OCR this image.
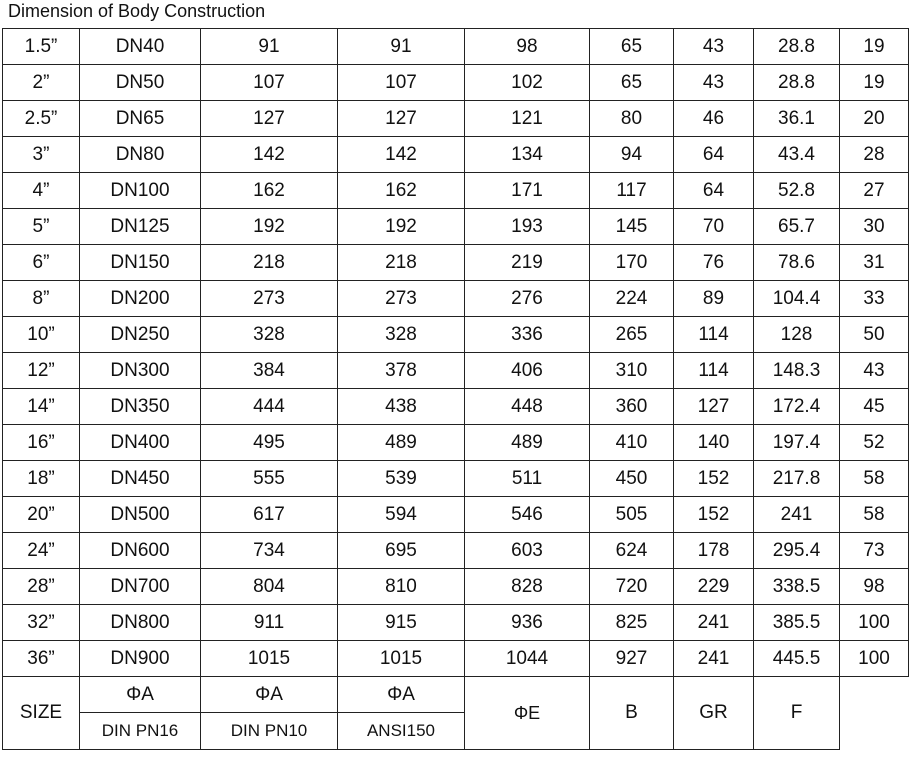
Dimension of Body Construction
1.5”	DN40	91	91	98	65	43	28.8	19
2”	DN50	107	107	102	65	43	28.8	19
2.5”	DN65	127	127	121	80	46	36.1	20
3”	DN80	142	142	134	94	64	43.4	28
4”	DN100	162	162	171	117	64	52.8	27
5”	DN125	192	192	193	145	70	65.7	30
6”	DN150	218	218	219	170	76	78.6	31
8”	DN200	273	273	276	224	89	104.4	33
10”	DN250	328	328	336	265	114	128	50
12”	DN300	384	378	406	310	114	148.3	43
14”	DN350	444	438	448	360	127	172.4	45
16”	DN400	495	489	489	410	140	197.4	52
18”	DN450	555	539	511	450	152	217.8	58
20”	DN500	617	594	546	505	152	241	58
24”	DN600	734	695	603	624	178	295.4	73
28”	DN700	804	810	828	720	229	338.5	98
32”	DN800	911	915	936	825	241	385.5	100
36”	DN900	1015	1015	1044	927	241	445.5	100
SIZE	ΦA	ΦA	ΦA	ΦE	B	GR	F	
	DIN PN16	DIN PN10	ANSI150					
